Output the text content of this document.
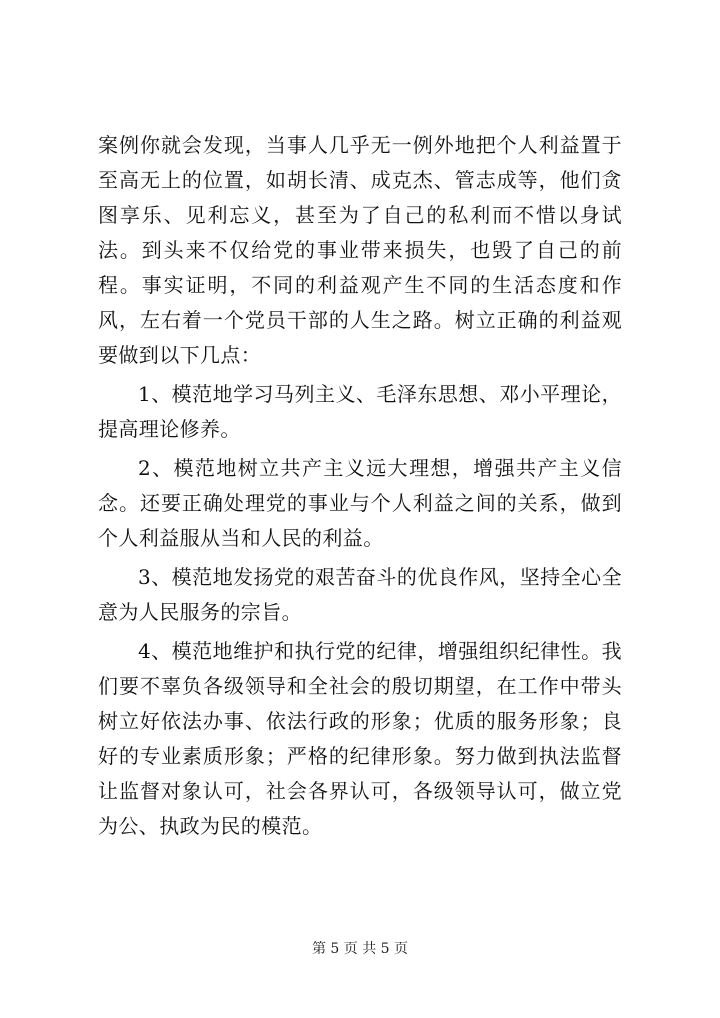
案例你就会发现，当事人几乎无一例外地把个人利益置于至高无上的位置，如胡长清、成克杰、管志成等，他们贪图享乐、见利忘义，甚至为了自己的私利而不惜以身试法。到头来不仅给党的事业带来损失，也毁了自己的前程。事实证明，不同的利益观产生不同的生活态度和作风，左右着一个党员干部的人生之路。树立正确的利益观要做到以下几点：

1、模范地学习马列主义、毛泽东思想、邓小平理论，提高理论修养。

2、模范地树立共产主义远大理想，增强共产主义信念。还要正确处理党的事业与个人利益之间的关系，做到个人利益服从当和人民的利益。

3、模范地发扬党的艰苦奋斗的优良作风，坚持全心全意为人民服务的宗旨。

4、模范地维护和执行党的纪律，增强组织纪律性。我们要不辜负各级领导和全社会的殷切期望，在工作中带头树立好依法办事、依法行政的形象；优质的服务形象；良好的专业素质形象；严格的纪律形象。努力做到执法监督让监督对象认可，社会各界认可，各级领导认可，做立党为公、执政为民的模范。

第 5 页 共 5 页
